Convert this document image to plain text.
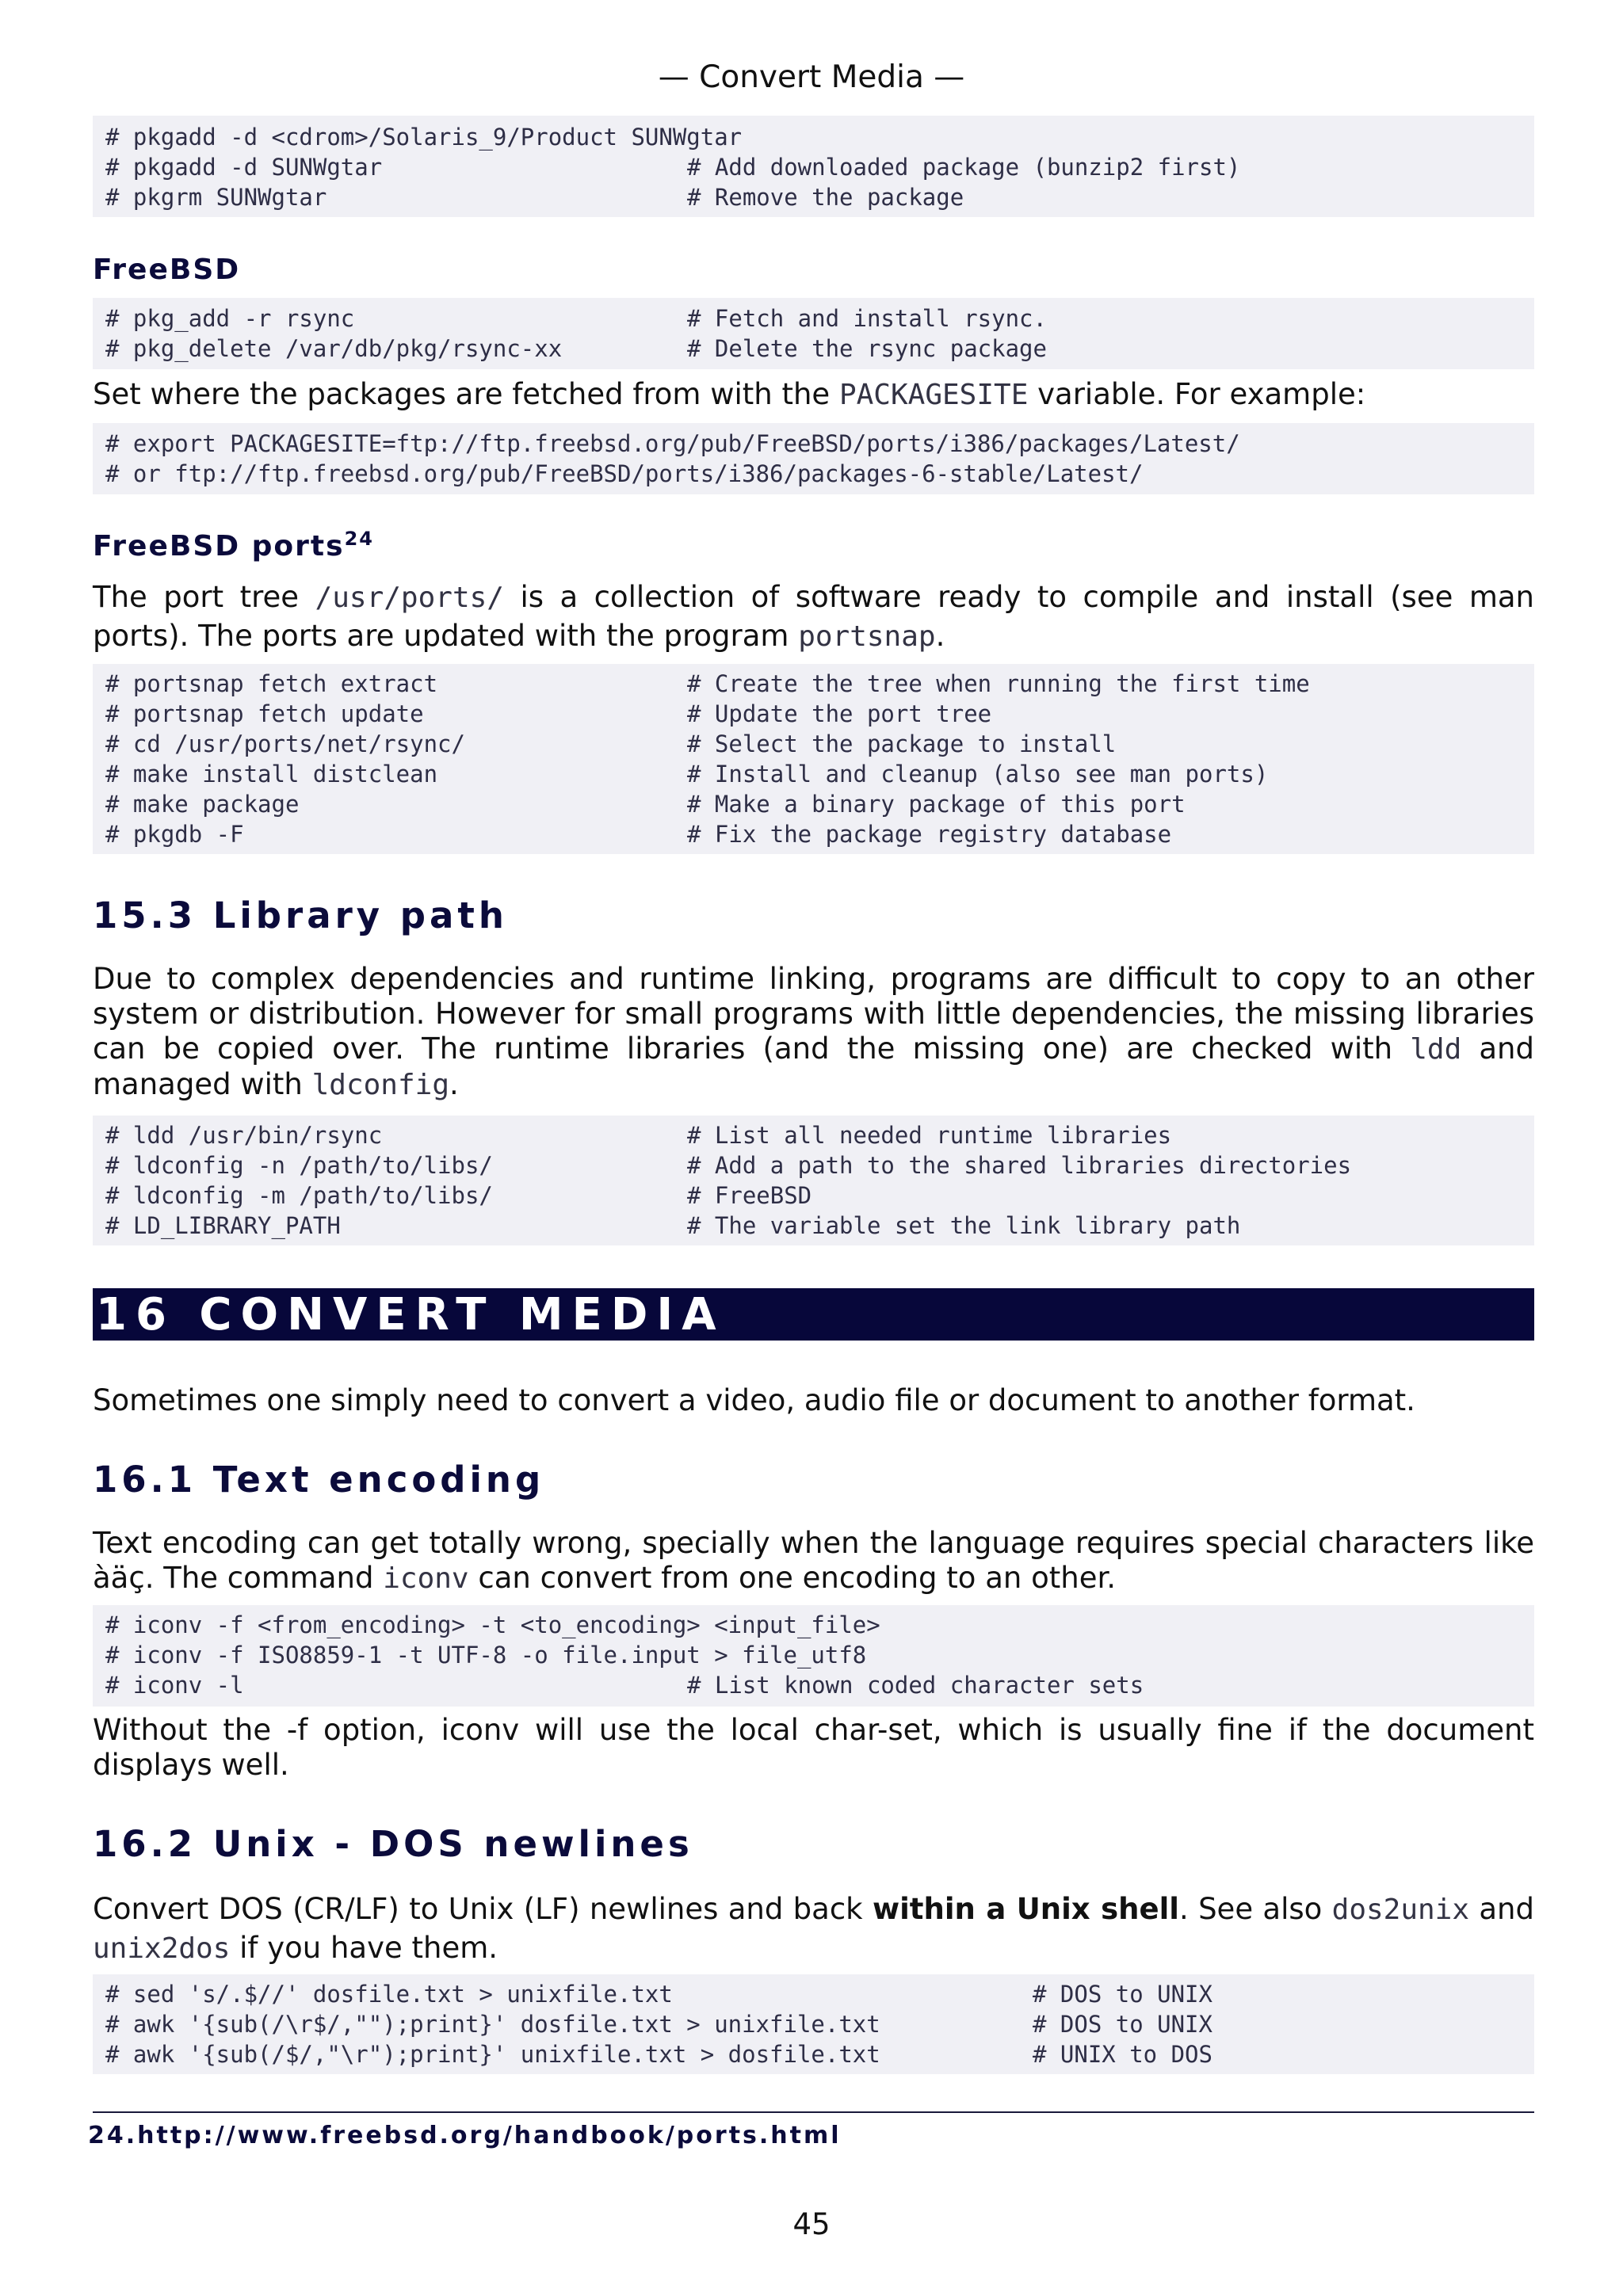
— Convert Media —
# pkgadd -d <cdrom>/Solaris_9/Product SUNWgtar
# pkgadd -d SUNWgtar	# Add downloaded package (bunzip2 first)
# pkgrm SUNWgtar	# Remove the package
FreeBSD
# pkg_add -r rsync	# Fetch and install rsync.
# pkg_delete /var/db/pkg/rsync-xx	# Delete the rsync package
Set where the packages are fetched from with the PACKAGESITE variable. For example:
# export PACKAGESITE=ftp://ftp.freebsd.org/pub/FreeBSD/ports/i386/packages/Latest/
# or ftp://ftp.freebsd.org/pub/FreeBSD/ports/i386/packages-6-stable/Latest/
FreeBSD ports$^{24}$
The port tree /usr/ports/ is a collection of software ready to compile and install (see man ports). The ports are updated with the program portsnap.
# portsnap fetch extract	# Create the tree when running the first time
# portsnap fetch update	# Update the port tree
# cd /usr/ports/net/rsync/	# Select the package to install
# make install distclean	# Install and cleanup (also see man ports)
# make package	# Make a binary package of this port
# pkgdb -F	# Fix the package registry database
15.3 Library path
Due to complex dependencies and runtime linking, programs are difficult to copy to an other system or distribution. However for small programs with little dependencies, the missing libraries can be copied over. The runtime libraries (and the missing one) are checked with ldd and managed with ldconfig.
# ldd /usr/bin/rsync	# List all needed runtime libraries
# ldconfig -n /path/to/libs/	# Add a path to the shared libraries directories
# ldconfig -m /path/to/libs/	# FreeBSD
# LD_LIBRARY_PATH	# The variable set the link library path
16 CONVERT MEDIA
Sometimes one simply need to convert a video, audio file or document to another format.
16.1 Text encoding
Text encoding can get totally wrong, specially when the language requires special characters like àäç. The command iconv can convert from one encoding to an other.
# iconv -f <from_encoding> -t <to_encoding> <input_file>
# iconv -f ISO8859-1 -t UTF-8 -o file.input > file_utf8
# iconv -l	# List known coded character sets
Without the -f option, iconv will use the local char-set, which is usually fine if the document displays well.
16.2 Unix - DOS newlines
Convert DOS (CR/LF) to Unix (LF) newlines and back within a Unix shell. See also dos2unix and unix2dos if you have them.
# sed 's/.$//' dosfile.txt > unixfile.txt	# DOS to UNIX
# awk '{sub(/\r$/,"");print}' dosfile.txt > unixfile.txt	# DOS to UNIX
# awk '{sub(/$/,"\r");print}' unixfile.txt > dosfile.txt	# UNIX to DOS
24.http://www.freebsd.org/handbook/ports.html
45
